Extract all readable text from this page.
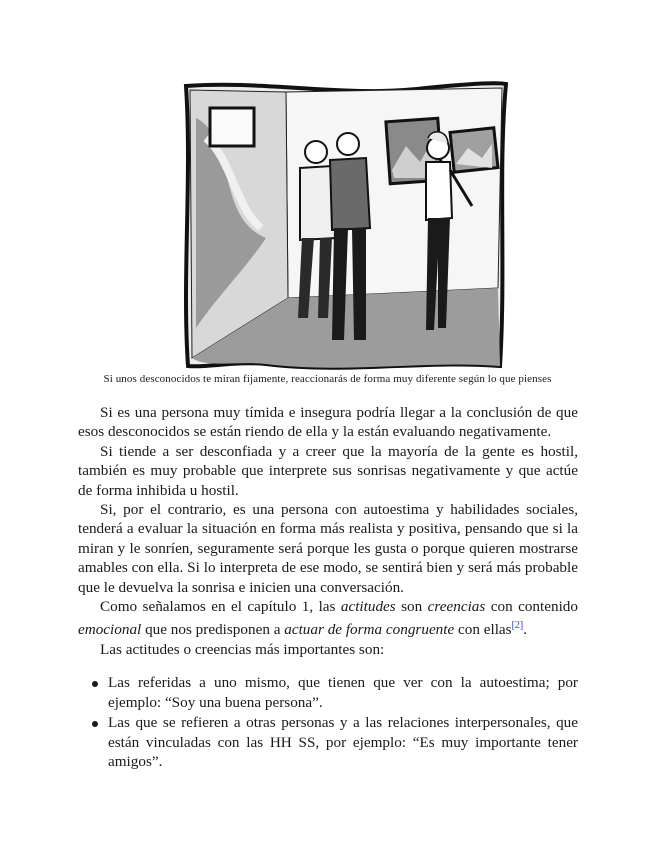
Si unos desconocidos te miran fijamente, reaccionarás de forma muy diferente según lo que pienses

Si es una persona muy tímida e insegura podría llegar a la conclusión de que esos desconocidos se están riendo de ella y la están evaluando negativamente.

Si tiende a ser desconfiada y a creer que la mayoría de la gente es hostil, también es muy probable que interprete sus sonrisas negativamente y que actúe de forma inhibida u hostil.

Si, por el contrario, es una persona con autoestima y habilidades sociales, tenderá a evaluar la situación en forma más realista y positiva, pensando que si la miran y le sonríen, seguramente será porque les gusta o porque quieren mostrarse amables con ella. Si lo interpreta de ese modo, se sentirá bien y será más probable que le devuelva la sonrisa e inicien una conversación.

Como señalamos en el capítulo 1, las actitudes son creencias con contenido emocional que nos predisponen a actuar de forma congruente con ellas[2].

Las actitudes o creencias más importantes son:

Las referidas a uno mismo, que tienen que ver con la autoestima; por ejemplo: “Soy una buena persona”.
Las que se refieren a otras personas y a las relaciones interpersonales, que están vinculadas con las HH SS, por ejemplo: “Es muy importante tener amigos”.
